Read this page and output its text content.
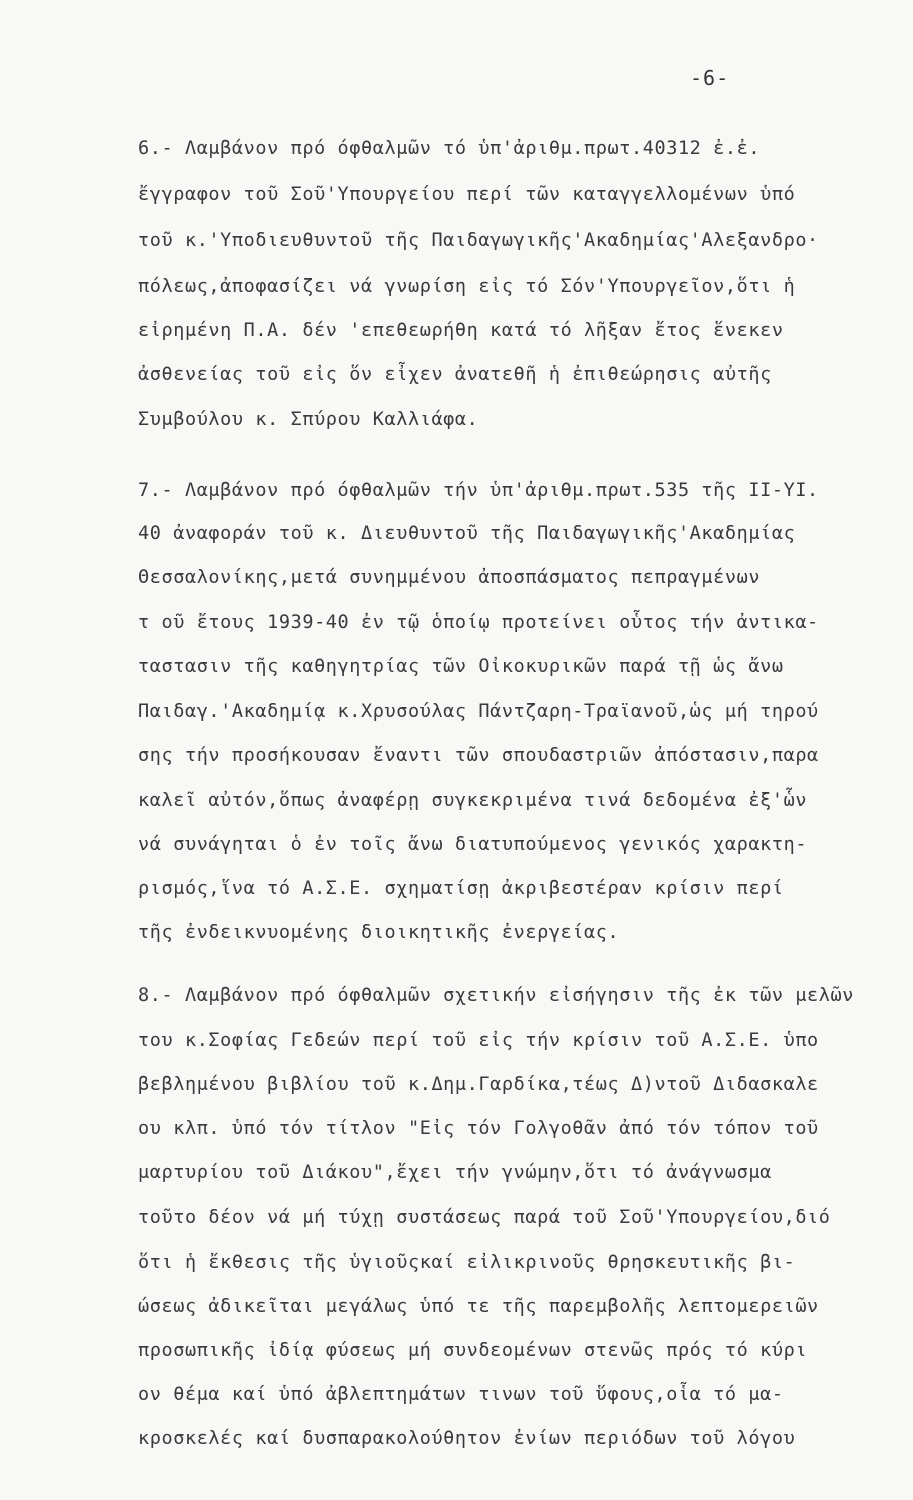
-6-
6.- Λαμβάνον πρό όφθαλμῶν τό ὑπ'ἀριθμ.πρωτ.40312 ἐ.ἐ.
ἔγγραφον τοῦ Σοῦ'Υπουργείου περί τῶν καταγγελλομένων ὑπό
τοῦ κ.'Υποδιευθυντοῦ τῆς Παιδαγωγικῆς'Ακαδημίας'Αλεξανδρο·
πόλεως,ἀποφασίζει νά γνωρίση εἰς τό Σόν'Υπουργεῖον,ὅτι ἡ
εἰρημένη Π.Α. δέν 'επεθεωρήθη κατά τό λῆξαν ἔτος ἕνεκεν
ἀσθενείας τοῦ εἰς ὅν εἶχεν ἀνατεθῆ ἡ ἐπιθεώρησις αὐτῆς
Συμβούλου κ. Σπύρου Καλλιάφα.
7.- Λαμβάνον πρό όφθαλμῶν τήν ὑπ'ἀριθμ.πρωτ.535 τῆς ΙΙ-ΥΙ.
40 ἀναφοράν τοῦ κ. Διευθυντοῦ τῆς Παιδαγωγικῆς'Ακαδημίας
Θεσσαλονίκης,μετά συνημμένου ἀποσπάσματος πεπραγμένων
τ οῦ ἔτους 1939-40 ἐν τῷ ὁποίῳ προτείνει οὗτος τήν ἀντικα-
ταστασιν τῆς καθηγητρίας τῶν Οἰκοκυρικῶν παρά τῇ ὡς ἄνω
Παιδαγ.'Ακαδημίᾳ κ.Χρυσούλας Πάντζαρη-Τραϊανοῦ,ὡς μή τηρού
σης τήν προσήκουσαν ἔναντι τῶν σπουδαστριῶν ἀπόστασιν,παρα
καλεῖ αὐτόν,ὅπως ἀναφέρῃ συγκεκριμένα τινά δεδομένα ἐξ'ὧν
νά συνάγηται ὁ ἐν τοῖς ἄνω διατυπούμενος γενικός χαρακτη-
ρισμός,ἵνα τό Α.Σ.Ε. σχηματίσῃ ἀκριβεστέραν κρίσιν περί
τῆς ἐνδεικνυομένης διοικητικῆς ἐνεργείας.
8.- Λαμβάνον πρό όφθαλμῶν σχετικήν εἰσήγησιν τῆς ἐκ τῶν μελῶν
του κ.Σοφίας Γεδεών περί τοῦ εἰς τήν κρίσιν τοῦ Α.Σ.Ε. ὑπο
βεβλημένου βιβλίου τοῦ κ.Δημ.Γαρδίκα,τέως Δ)ντοῦ Διδασκαλε
ου κλπ. ὑπό τόν τίτλον "Εἰς τόν Γολγοθᾶν ἀπό τόν τόπον τοῦ
μαρτυρίου τοῦ Διάκου",ἔχει τήν γνώμην,ὅτι τό ἀνάγνωσμα
τοῦτο δέον νά μή τύχῃ συστάσεως παρά τοῦ Σοῦ'Υπουργείου,διό
ὅτι ἡ ἔκθεσις τῆς ὑγιοῦςκαί εἰλικρινοῦς θρησκευτικῆς βι-
ώσεως ἀδικεῖται μεγάλως ὑπό τε τῆς παρεμβολῆς λεπτομερειῶν
προσωπικῆς ἰδίᾳ φύσεως μή συνδεομένων στενῶς πρός τό κύρι
ον θέμα καί ὑπό ἀβλεπτημάτων τινων τοῦ ὕφους,οἷα τό μα-
κροσκελές καί δυσπαρακολούθητον ἐνίων περιόδων τοῦ λόγου
